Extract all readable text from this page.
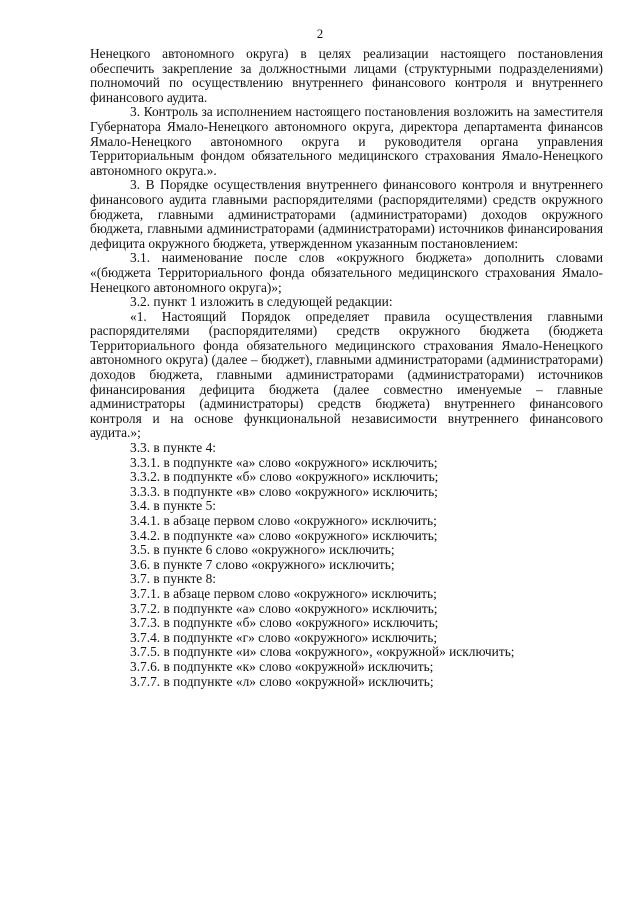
2

Ненецкого автономного округа) в целях реализации настоящего постановления обеспечить закрепление за должностными лицами (структурными подразделениями) полномочий по осуществлению внутреннего финансового контроля и внутреннего финансового аудита.

3. Контроль за исполнением настоящего постановления возложить на заместителя Губернатора Ямало-Ненецкого автономного округа, директора департамента финансов Ямало-Ненецкого автономного округа и руководителя органа управления Территориальным фондом обязательного медицинского страхования Ямало-Ненецкого автономного округа.».

3. В Порядке осуществления внутреннего финансового контроля и внутреннего финансового аудита главными распорядителями (распорядителями) средств окружного бюджета, главными администраторами (администраторами) доходов окружного бюджета, главными администраторами (администраторами) источников финансирования дефицита окружного бюджета, утвержденном указанным постановлением:

3.1. наименование после слов «окружного бюджета» дополнить словами «(бюджета Территориального фонда обязательного медицинского страхования Ямало-Ненецкого автономного округа)»;

3.2. пункт 1 изложить в следующей редакции:

«1. Настоящий Порядок определяет правила осуществления главными распорядителями (распорядителями) средств окружного бюджета (бюджета Территориального фонда обязательного медицинского страхования Ямало-Ненецкого автономного округа) (далее – бюджет), главными администраторами (администраторами) доходов бюджета, главными администраторами (администраторами) источников финансирования дефицита бюджета (далее совместно именуемые – главные администраторы (администраторы) средств бюджета) внутреннего финансового контроля и на основе функциональной независимости внутреннего финансового аудита.»;

3.3. в пункте 4:

3.3.1. в подпункте «а» слово «окружного» исключить;

3.3.2. в подпункте «б» слово «окружного» исключить;

3.3.3. в подпункте «в» слово «окружного» исключить;

3.4. в пункте 5:

3.4.1. в абзаце первом слово «окружного» исключить;

3.4.2. в подпункте «а» слово «окружного» исключить;

3.5. в пункте 6 слово «окружного» исключить;

3.6. в пункте 7 слово «окружного» исключить;

3.7. в пункте 8:

3.7.1. в абзаце первом слово «окружного» исключить;

3.7.2. в подпункте «а» слово «окружного» исключить;

3.7.3. в подпункте «б» слово «окружного» исключить;

3.7.4. в подпункте «г» слово «окружного» исключить;

3.7.5. в подпункте «и» слова «окружного», «окружной» исключить;

3.7.6. в подпункте «к» слово «окружной» исключить;

3.7.7. в подпункте «л» слово «окружной» исключить;
